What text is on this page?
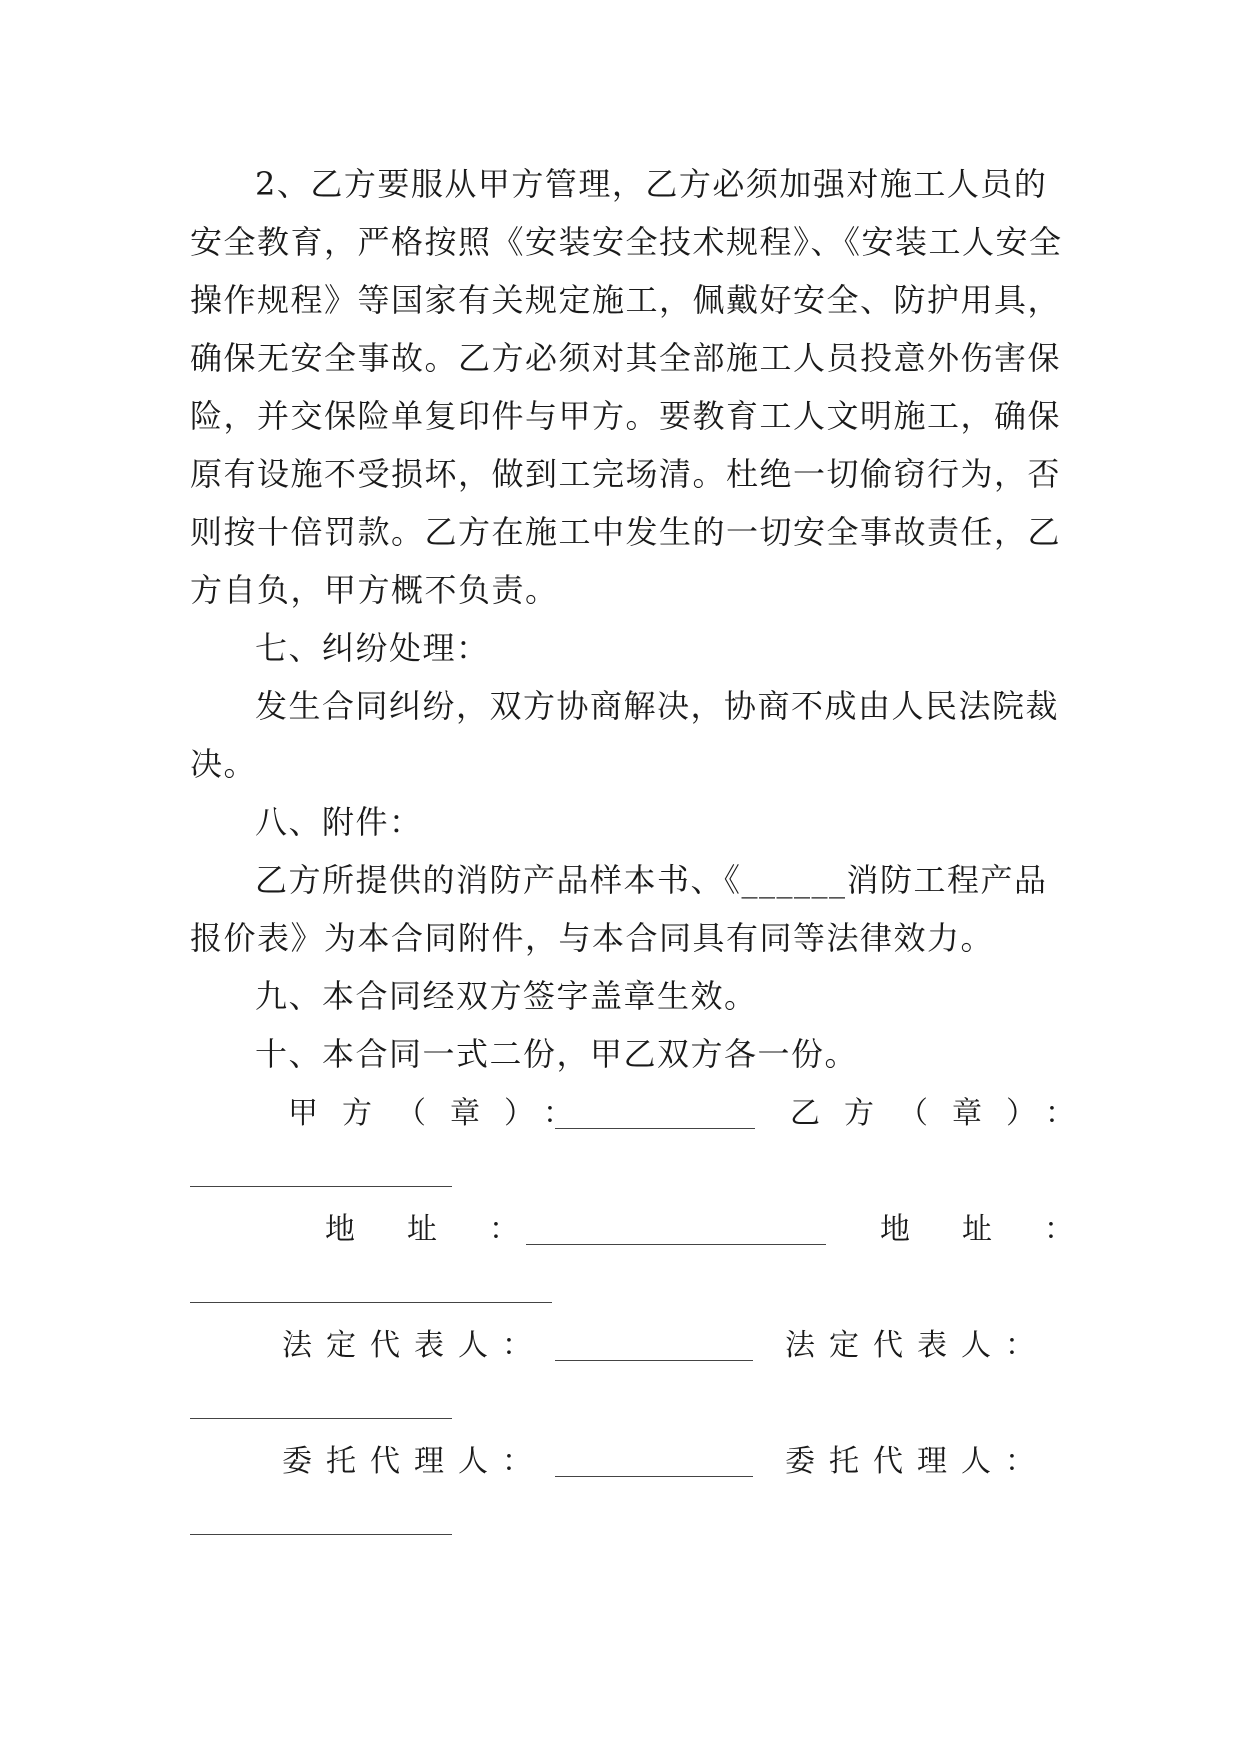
2、乙方要服从甲方管理，乙方必须加强对施工人员的
安全教育，严格按照《安装安全技术规程》、《安装工人安全
操作规程》等国家有关规定施工，佩戴好安全、防护用具，
确保无安全事故。乙方必须对其全部施工人员投意外伤害保
险，并交保险单复印件与甲方。要教育工人文明施工，确保
原有设施不受损坏，做到工完场清。杜绝一切偷窃行为，否
则按十倍罚款。乙方在施工中发生的一切安全事故责任，乙
方自负，甲方概不负责。
七、纠纷处理：
发生合同纠纷，双方协商解决，协商不成由人民法院裁
决。
八、附件：
乙方所提供的消防产品样本书、《______消防工程产品
报价表》为本合同附件，与本合同具有同等法律效力。
九、本合同经双方签字盖章生效。
十、本合同一式二份，甲乙双方各一份。
甲方（章）：	乙方（章）：
地址：	地址：
法定代表人：	法定代表人：
委托代理人：	委托代理人：
